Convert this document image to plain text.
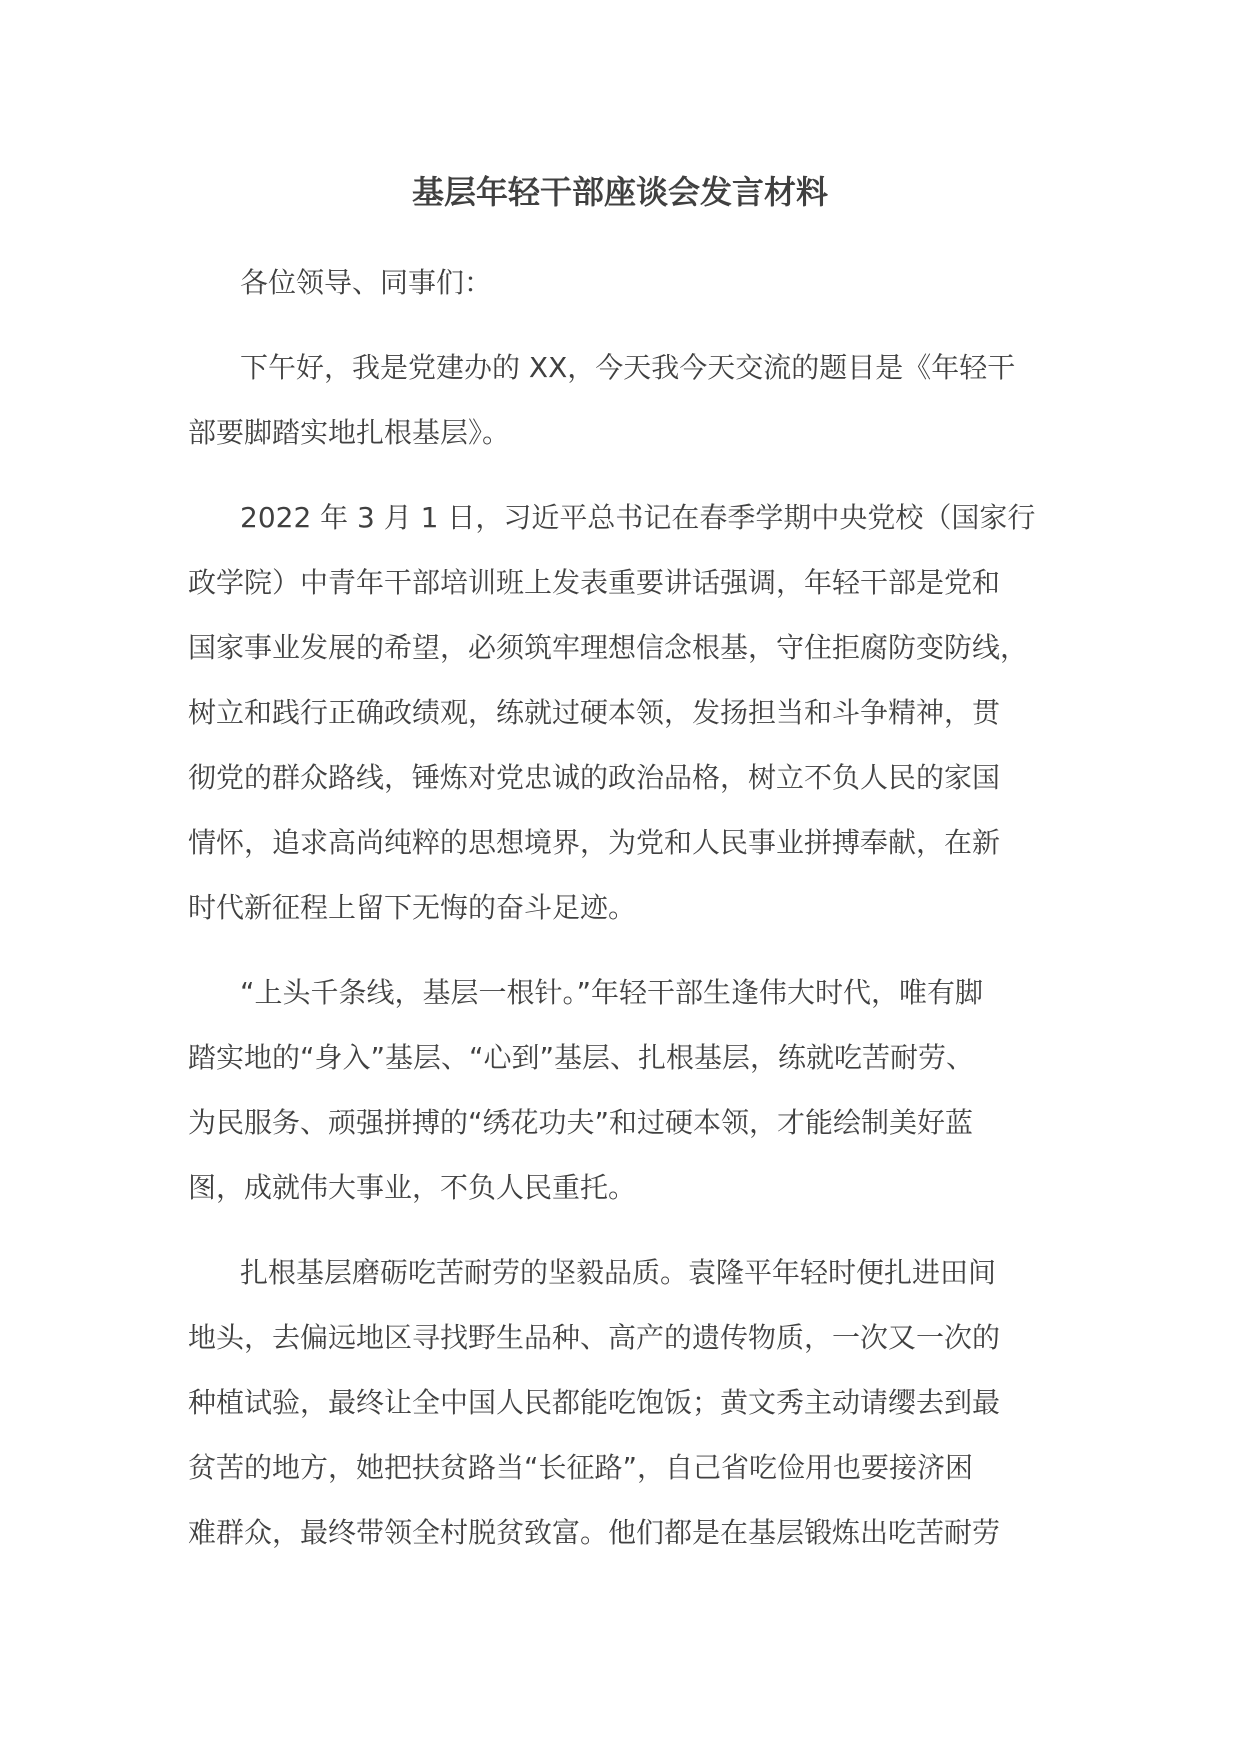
基层年轻干部座谈会发言材料

各位领导、同事们：

下午好，我是党建办的 XX，今天我今天交流的题目是《年轻干
部要脚踏实地扎根基层》。

2022 年 3 月 1 日，习近平总书记在春季学期中央党校（国家行
政学院）中青年干部培训班上发表重要讲话强调，年轻干部是党和
国家事业发展的希望，必须筑牢理想信念根基，守住拒腐防变防线，
树立和践行正确政绩观，练就过硬本领，发扬担当和斗争精神，贯
彻党的群众路线，锤炼对党忠诚的政治品格，树立不负人民的家国
情怀，追求高尚纯粹的思想境界，为党和人民事业拼搏奉献，在新
时代新征程上留下无悔的奋斗足迹。

“上头千条线，基层一根针。”年轻干部生逢伟大时代，唯有脚
踏实地的“身入”基层、“心到”基层、扎根基层，练就吃苦耐劳、
为民服务、顽强拼搏的“绣花功夫”和过硬本领，才能绘制美好蓝
图，成就伟大事业，不负人民重托。

扎根基层磨砺吃苦耐劳的坚毅品质。袁隆平年轻时便扎进田间
地头，去偏远地区寻找野生品种、高产的遗传物质，一次又一次的
种植试验，最终让全中国人民都能吃饱饭；黄文秀主动请缨去到最
贫苦的地方，她把扶贫路当“长征路”，自己省吃俭用也要接济困
难群众，最终带领全村脱贫致富。他们都是在基层锻炼出吃苦耐劳
